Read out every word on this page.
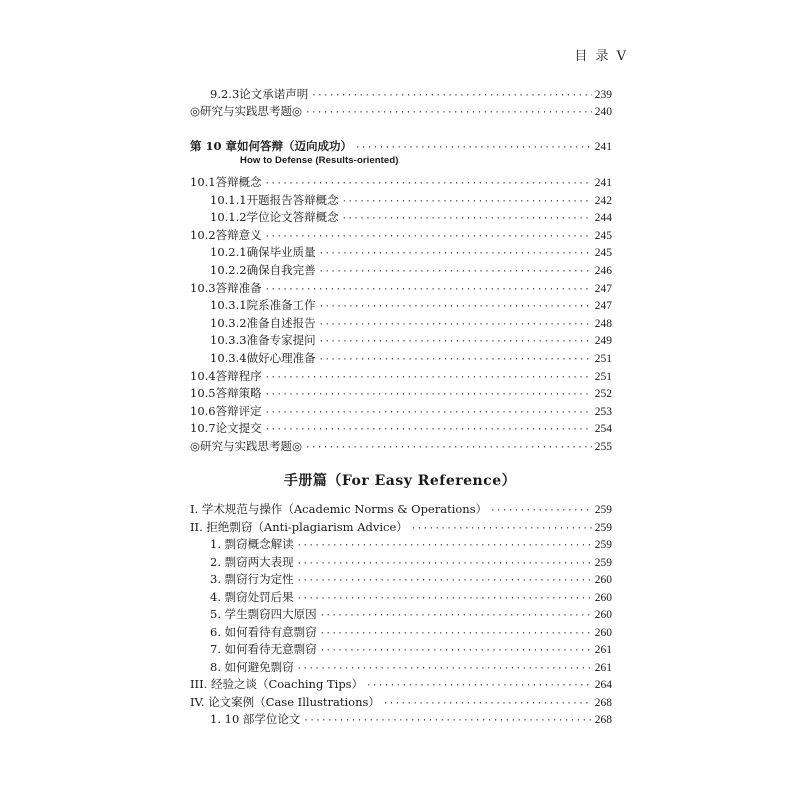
目 录 V
9.2.3 论文承诺声明 ·····	239
◎研究与实践思考题◎ ·····	240
第 10 章 如何答辩（迈向成功） ·····	241
How to Defense (Results-oriented)
10.1 答辩概念 ·····	241
10.1.1 开题报告答辩概念 ·····	242
10.1.2 学位论文答辩概念 ·····	244
10.2 答辩意义 ·····	245
10.2.1 确保毕业质量 ·····	245
10.2.2 确保自我完善 ·····	246
10.3 答辩准备 ·····	247
10.3.1 院系准备工作 ·····	247
10.3.2 准备自述报告 ·····	248
10.3.3 准备专家提问 ·····	249
10.3.4 做好心理准备 ·····	251
10.4 答辩程序 ·····	251
10.5 答辩策略 ·····	252
10.6 答辩评定 ·····	253
10.7 论文提交 ·····	254
◎研究与实践思考题◎ ·····	255
I. 学术规范与操作（Academic Norms & Operations） ·····	259
II. 拒绝剽窃（Anti-plagiarism Advice） ·····	259
1. 剽窃概念解读 ·····	259
2. 剽窃两大表现 ·····	259
3. 剽窃行为定性 ·····	260
4. 剽窃处罚后果 ·····	260
5. 学生剽窃四大原因 ·····	260
6. 如何看待有意剽窃 ·····	260
7. 如何看待无意剽窃 ·····	261
8. 如何避免剽窃 ·····	261
III. 经验之谈（Coaching Tips） ·····	264
IV. 论文案例（Case Illustrations） ·····	268
1. 10 部学位论文 ·····	268
手册篇（For Easy Reference）
